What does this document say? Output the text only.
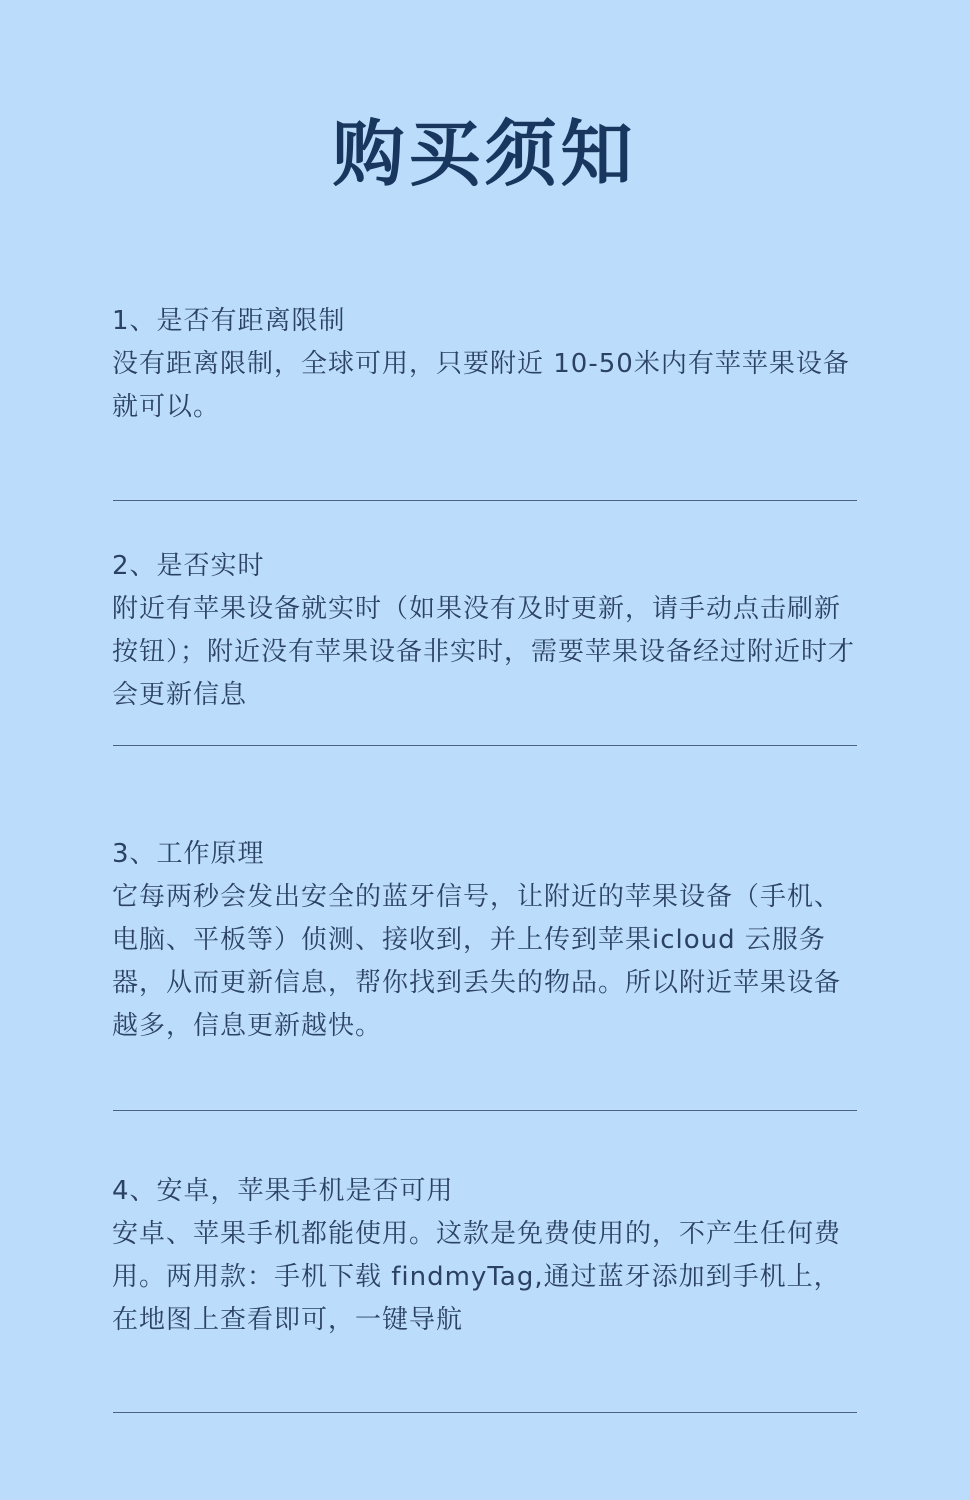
购买须知
1、是否有距离限制

没有距离限制，全球可用，只要附近 10-50米内有苹苹果设备就可以。

2、是否实时

附近有苹果设备就实时（如果没有及时更新，请手动点击刷新按钮）；附近没有苹果设备非实时，需要苹果设备经过附近时才会更新信息

3、工作原理

它每两秒会发出安全的蓝牙信号，让附近的苹果设备（手机、电脑、平板等）侦测、接收到，并上传到苹果icloud 云服务器，从而更新信息，帮你找到丢失的物品。所以附近苹果设备越多，信息更新越快。

4、安卓，苹果手机是否可用

安卓、苹果手机都能使用。这款是免费使用的，不产生任何费用。两用款：手机下载 findmyTag,通过蓝牙添加到手机上，在地图上查看即可，一键导航
